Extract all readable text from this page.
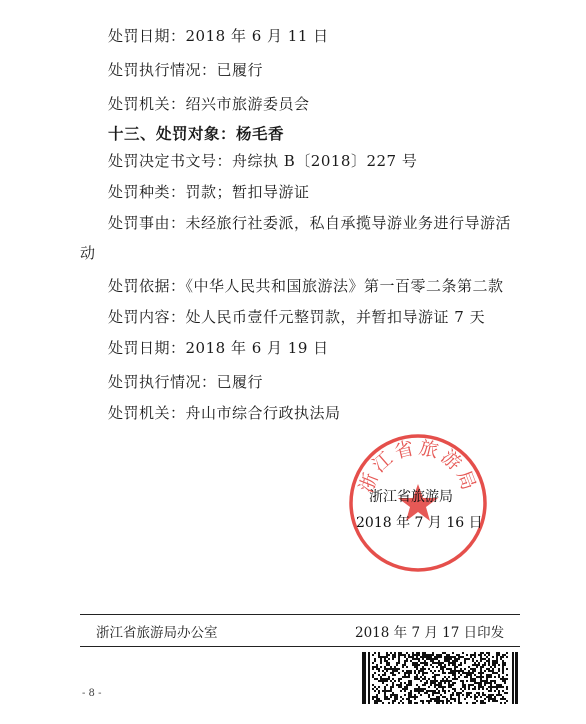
处罚日期：2018 年 6 月 11 日
处罚执行情况：已履行
处罚机关：绍兴市旅游委员会
十三、处罚对象：杨毛香
处罚决定书文号：舟综执 B〔2018〕227 号
处罚种类：罚款；暂扣导游证
处罚事由：未经旅行社委派，私自承揽导游业务进行导游活
动
处罚依据：《中华人民共和国旅游法》第一百零二条第二款
处罚内容：处人民币壹仟元整罚款，并暂扣导游证 7 天
处罚日期：2018 年 6 月 19 日
处罚执行情况：已履行
处罚机关：舟山市综合行政执法局
浙江省旅游局
浙江省旅游局
2018 年 7 月 16 日
浙江省旅游局办公室	2018 年 7 月 17 日印发
- 8 -
